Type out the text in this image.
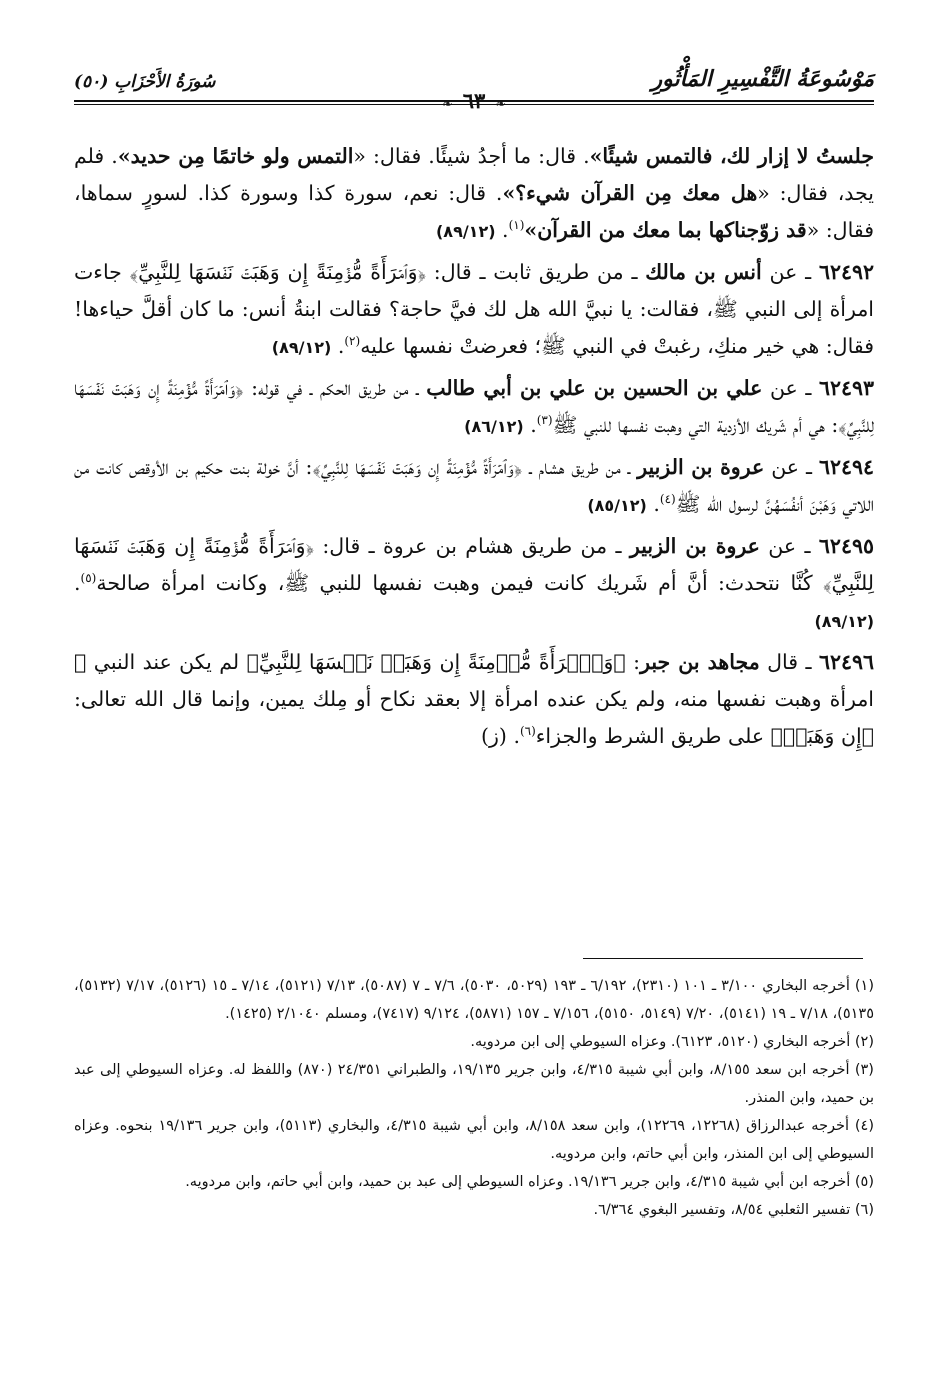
مَوْسُوعَةُ التَّفْسِيرِ المَأْثُورِ
❧ ٦٣ ❧
سُورَةُ الأَحْزَابِ (٥٠)

جلستُ لا إزار لك، فالتمس شيئًا». قال: ما أجدُ شيئًا. فقال: «التمس ولو خاتمًا مِن حديد». فلم يجد، فقال: «هل معك مِن القرآن شيء؟». قال: نعم، سورة كذا وسورة كذا. لسورٍ سماها، فقال: «قد زوّجناكها بما معك من القرآن»$^{(١)}$. (٨٩/١٢)

٦٢٤٩٢ ـ عن أنس بن مالك ـ من طريق ثابت ـ قال: ﴿وَٱمۡرَأَةً مُّؤۡمِنَةً إِن وَهَبَتۡ نَفۡسَهَا لِلنَّبِيِّ﴾ جاءت امرأة إلى النبي ﷺ، فقالت: يا نبيَّ الله هل لك فيَّ حاجة؟ فقالت ابنةُ أنس: ما كان أقلَّ حياءها! فقال: هي خير منكِ، رغبتْ في النبي ﷺ؛ فعرضتْ نفسها عليه$^{(٢)}$. (٨٩/١٢)

٦٢٤٩٣ ـ عن علي بن الحسين بن علي بن أبي طالب ـ من طريق الحكم ـ في قوله: ﴿وَٱمۡرَأَةً مُّؤۡمِنَةً إِن وَهَبَتۡ نَفۡسَهَا لِلنَّبِيِّ﴾: هي أم شَريك الأزدية التي وهبت نفسها للنبي ﷺ$^{(٣)}$. (٨٦/١٢)

٦٢٤٩٤ ـ عن عروة بن الزبير ـ من طريق هشام ـ ﴿وَٱمۡرَأَةً مُّؤۡمِنَةً إِن وَهَبَتۡ نَفۡسَهَا لِلنَّبِيِّ﴾: أنَّ خولة بنت حكيم بن الأوقص كانت من اللاتي وَهَبْنَ أنفُسَهُنَّ لرسول الله ﷺ$^{(٤)}$. (٨٥/١٢)

٦٢٤٩٥ ـ عن عروة بن الزبير ـ من طريق هشام بن عروة ـ قال: ﴿وَٱمۡرَأَةً مُّؤۡمِنَةً إِن وَهَبَتۡ نَفۡسَهَا لِلنَّبِيِّ﴾ كُنَّا نتحدث: أنَّ أم شَريك كانت فيمن وهبت نفسها للنبي ﷺ، وكانت امرأة صالحة$^{(٥)}$. (٨٩/١٢)

٦٢٤٩٦ ـ قال مجاهد بن جبر: ﴿وَٱمۡرَأَةً مُّؤۡمِنَةً إِن وَهَبَتۡ نَفۡسَهَا لِلنَّبِيِّ﴾ لم يكن عند النبي ﷺ امرأة وهبت نفسها منه، ولم يكن عنده امرأة إلا بعقد نكاح أو مِلك يمين، وإنما قال الله تعالى: ﴿إِن وَهَبَتۡ﴾ على طريق الشرط والجزاء$^{(٦)}$. (ز)

(١) أخرجه البخاري ٣/١٠٠ ـ ١٠١ (٢٣١٠)، ٦/١٩٢ ـ ١٩٣ (٥٠٢٩، ٥٠٣٠)، ٧/٦ ـ ٧ (٥٠٨٧)، ٧/١٣ (٥١٢١)، ٧/١٤ ـ ١٥ (٥١٢٦)، ٧/١٧ (٥١٣٢)، ٥١٣٥)، ٧/١٨ ـ ١٩ (٥١٤١)، ٧/٢٠ (٥١٤٩، ٥١٥٠)، ٧/١٥٦ ـ ١٥٧ (٥٨٧١)، ٩/١٢٤ (٧٤١٧)، ومسلم ٢/١٠٤٠ (١٤٢٥).

(٢) أخرجه البخاري (٥١٢٠، ٦١٢٣). وعزاه السيوطي إلى ابن مردويه.

(٣) أخرجه ابن سعد ٨/١٥٥، وابن أبي شيبة ٤/٣١٥، وابن جرير ١٩/١٣٥، والطبراني ٢٤/٣٥١ (٨٧٠) واللفظ له. وعزاه السيوطي إلى عبد بن حميد، وابن المنذر.

(٤) أخرجه عبدالرزاق (١٢٢٦٨، ١٢٢٦٩)، وابن سعد ٨/١٥٨، وابن أبي شيبة ٤/٣١٥، والبخاري (٥١١٣)، وابن جرير ١٩/١٣٦ بنحوه. وعزاه السيوطي إلى ابن المنذر، وابن أبي حاتم، وابن مردويه.

(٥) أخرجه ابن أبي شيبة ٤/٣١٥، وابن جرير ١٩/١٣٦. وعزاه السيوطي إلى عبد بن حميد، وابن أبي حاتم، وابن مردويه.

(٦) تفسير الثعلبي ٨/٥٤، وتفسير البغوي ٦/٣٦٤.
